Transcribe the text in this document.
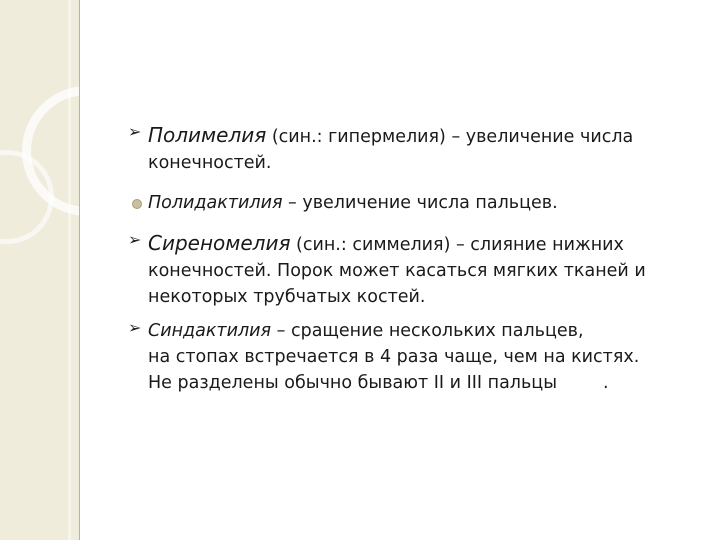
➢ Полимелия (син.: гипермелия) – увеличение числа
конечностей.
Полидактилия – увеличение числа пальцев.
➢ Сиреномелия (син.: симмелия) – слияние нижних
конечностей. Порок может касаться мягких тканей и
некоторых трубчатых костей.
➢ Синдактилия – сращение нескольких пальцев,
на стопах встречается в 4 раза чаще, чем на кистях.
Не разделены обычно бывают II и III пальцы	.
